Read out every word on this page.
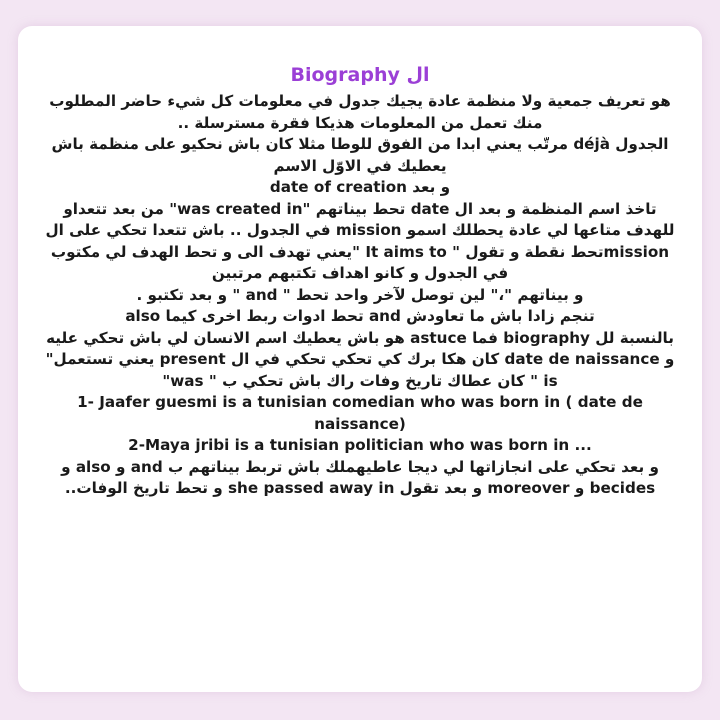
Biography ال

هو تعريف جمعية ولا منظمة عادة يجيك جدول في معلومات كل شيء حاضر المطلوب منك تعمل من المعلومات هذيكا فقرة مسترسلة ..

الجدول déjà مرتّب يعني ابدا من الفوق للوطا مثلا كان باش نحكيو على منظمة باش يعطيك في الاوّل الاسم

و بعد date of creation

تاخذ اسم المنظمة و بعد ال date تحط بيناتهم "was created in" من بعد تتعداو للهدف متاعها لي عادة يحطلك اسمو mission في الجدول .. باش تتعدا تحكي على ال missionتحط نقطة و تقول " It aims to "يعني تهدف الى و تحط الهدف لي مكتوب في الجدول و كانو اهداف تكتبهم مرتبين

و بيناتهم "،" لين توصل لآخر واحد تحط " and " و بعد تكتبو .

تنجم زادا باش ما تعاودش and تحط ادوات ربط اخرى كيما also

بالنسبة لل biography فما astuce هو باش يعطيك اسم الانسان لي باش تحكي عليه و date de naissance كان هكا برك كي تحكي تحكي في ال present يعني تستعمل" is " كان عطاك تاريخ وفات راك باش تحكي ب " was"

1- Jaafer guesmi is a tunisian comedian who was born in ( date de naissance)

2-Maya jribi is a tunisian politician who was born in ...

و بعد تحكي على انجازاتها لي ديجا عاطيهملك باش تربط بيناتهم ب and و also و becides و moreover و بعد تقول she passed away in و تحط تاريخ الوفات..
